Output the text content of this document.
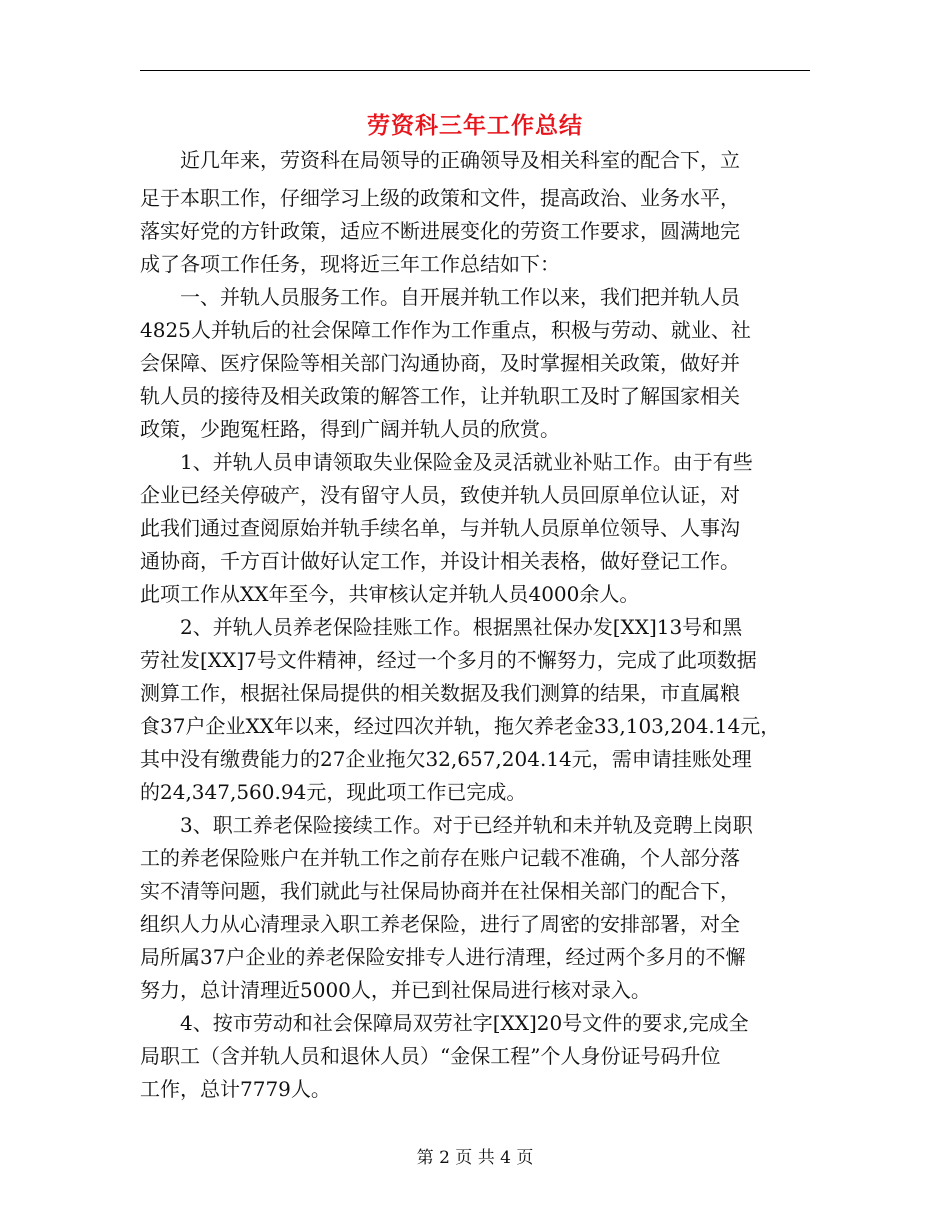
劳资科三年工作总结
　　近几年来，劳资科在局领导的正确领导及相关科室的配合下，立
足于本职工作，仔细学习上级的政策和文件，提高政治、业务水平，
落实好党的方针政策，适应不断进展变化的劳资工作要求，圆满地完
成了各项工作任务，现将近三年工作总结如下：
　　一、并轨人员服务工作。自开展并轨工作以来，我们把并轨人员
4825人并轨后的社会保障工作作为工作重点，积极与劳动、就业、社
会保障、医疗保险等相关部门沟通协商，及时掌握相关政策，做好并
轨人员的接待及相关政策的解答工作，让并轨职工及时了解国家相关
政策，少跑冤枉路，得到广阔并轨人员的欣赏。
　　1、并轨人员申请领取失业保险金及灵活就业补贴工作。由于有些
企业已经关停破产，没有留守人员，致使并轨人员回原单位认证，对
此我们通过查阅原始并轨手续名单，与并轨人员原单位领导、人事沟
通协商，千方百计做好认定工作，并设计相关表格，做好登记工作。
此项工作从XX年至今，共审核认定并轨人员4000余人。
　　2、并轨人员养老保险挂账工作。根据黑社保办发[XX]13号和黑
劳社发[XX]7号文件精神，经过一个多月的不懈努力，完成了此项数据
测算工作，根据社保局提供的相关数据及我们测算的结果，市直属粮
食37户企业XX年以来，经过四次并轨，拖欠养老金33,103,204.14元，
其中没有缴费能力的27企业拖欠32,657,204.14元，需申请挂账处理
的24,347,560.94元，现此项工作已完成。
　　3、职工养老保险接续工作。对于已经并轨和未并轨及竞聘上岗职
工的养老保险账户在并轨工作之前存在账户记载不准确，个人部分落
实不清等问题，我们就此与社保局协商并在社保相关部门的配合下，
组织人力从心清理录入职工养老保险，进行了周密的安排部署，对全
局所属37户企业的养老保险安排专人进行清理，经过两个多月的不懈
努力，总计清理近5000人，并已到社保局进行核对录入。
　　4、按市劳动和社会保障局双劳社字[XX]20号文件的要求,完成全
局职工（含并轨人员和退休人员）“金保工程”个人身份证号码升位
工作，总计7779人。
第 2 页 共 4 页
